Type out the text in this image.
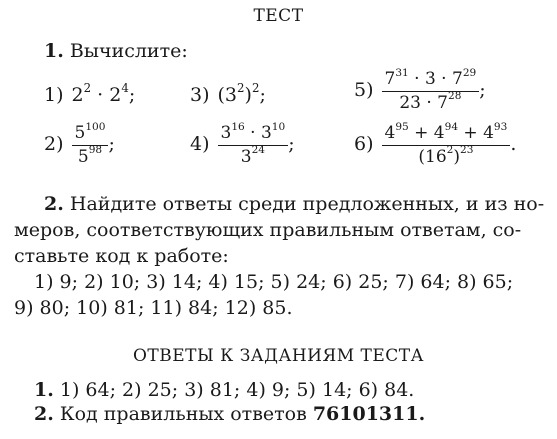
ТЕСТ
1. Вычислите:
1) $2^2 \cdot 2^4$;	3) $(3^2)^2$;	$5) \frac{7^{31} \cdot 3 \cdot 7^{29}}{23 \cdot 7^{28}}$ ;
$2) \frac{5^{100}}{5^{98}}$ ;	$4) \frac{3^{16} \cdot 3^{10}}{3^{24}}$ ;	$6) \frac{4^{95} + 4^{94} + 4^{93}}{(16^2)^{23}}$ .
2. Найдите ответы среди предложенных, и из но-
меров, соответствующих правильным ответам, со-
ставьте код к работе:
1) 9; 2) 10; 3) 14; 4) 15; 5) 24; 6) 25; 7) 64; 8) 65;
9) 80; 10) 81; 11) 84; 12) 85.
ОТВЕТЫ К ЗАДАНИЯМ ТЕСТА
1. 1) 64; 2) 25; 3) 81; 4) 9; 5) 14; 6) 84.
2. Код правильных ответов 76101311.
